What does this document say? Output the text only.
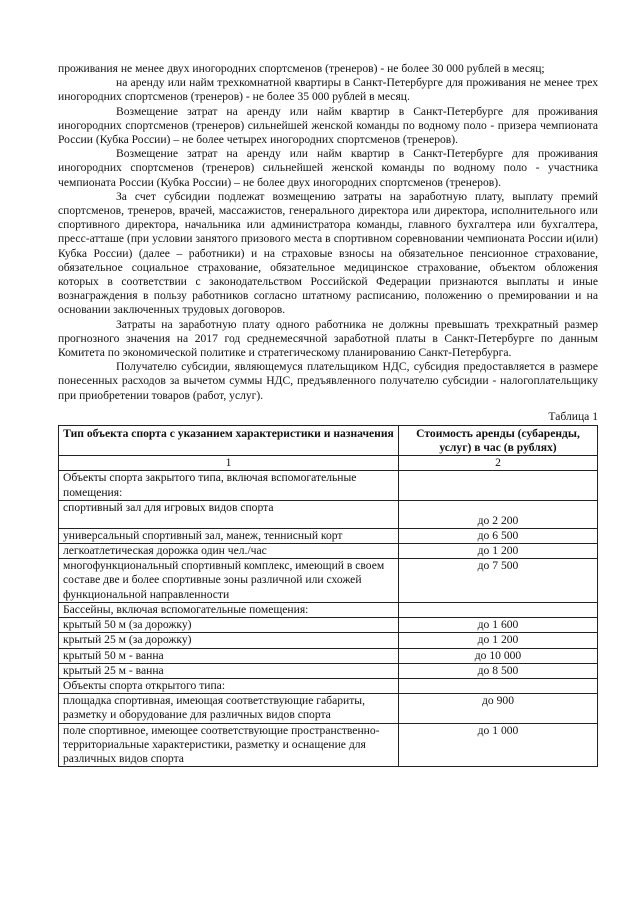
проживания не менее двух иногородних спортсменов (тренеров) - не более 30 000 рублей в месяц;

на аренду или найм трехкомнатной квартиры в Санкт-Петербурге для проживания не менее трех иногородних спортсменов (тренеров) - не более 35 000 рублей в месяц.

Возмещение затрат на аренду или найм квартир в Санкт-Петербурге для проживания иногородних спортсменов (тренеров) сильнейшей женской команды по водному поло - призера чемпионата России (Кубка России) – не более четырех иногородних спортсменов (тренеров).

Возмещение затрат на аренду или найм квартир в Санкт-Петербурге для проживания иногородних спортсменов (тренеров) сильнейшей женской команды по водному поло - участника чемпионата России (Кубка России) – не более двух иногородних спортсменов (тренеров).

За счет субсидии подлежат возмещению затраты на заработную плату, выплату премий спортсменов, тренеров, врачей, массажистов, генерального директора или директора, исполнительного или спортивного директора, начальника или администратора команды, главного бухгалтера или бухгалтера, пресс-атташе (при условии занятого призового места в спортивном соревновании чемпионата России и(или) Кубка России) (далее – работники) и на страховые взносы на обязательное пенсионное страхование, обязательное социальное страхование, обязательное медицинское страхование, объектом обложения которых в соответствии с законодательством Российской Федерации признаются выплаты и иные вознаграждения в пользу работников согласно штатному расписанию, положению о премировании и на основании заключенных трудовых договоров.

Затраты на заработную плату одного работника не должны превышать трехкратный размер прогнозного значения на 2017 год среднемесячной заработной платы в Санкт-Петербурге по данным Комитета по экономической политике и стратегическому планированию Санкт-Петербурга.

Получателю субсидии, являющемуся плательщиком НДС, субсидия предоставляется в размере понесенных расходов за вычетом суммы НДС, предъявленного получателю субсидии - налогоплательщику при приобретении товаров (работ, услуг).

Таблица 1
Тип объекта спорта с указанием характеристики и назначения	Стоимость аренды (субаренды, услуг) в час (в рублях)
1	2
Объекты спорта закрытого типа, включая вспомогательные помещения:	
спортивный зал для игровых видов спорта	до 2 200
универсальный спортивный зал, манеж, теннисный корт	до 6 500
легкоатлетическая дорожка один чел./час	до 1 200
многофункциональный спортивный комплекс, имеющий в своем составе две и более спортивные зоны различной или схожей функциональной направленности	до 7 500
Бассейны, включая вспомогательные помещения:	
крытый 50 м (за дорожку)	до 1 600
крытый 25 м (за дорожку)	до 1 200
крытый 50 м - ванна	до 10 000
крытый 25 м - ванна	до 8 500
Объекты спорта открытого типа:	
площадка спортивная, имеющая соответствующие габариты, разметку и оборудование для различных видов спорта	до 900
поле спортивное, имеющее соответствующие пространственно-территориальные характеристики, разметку и оснащение для различных видов спорта	до 1 000
